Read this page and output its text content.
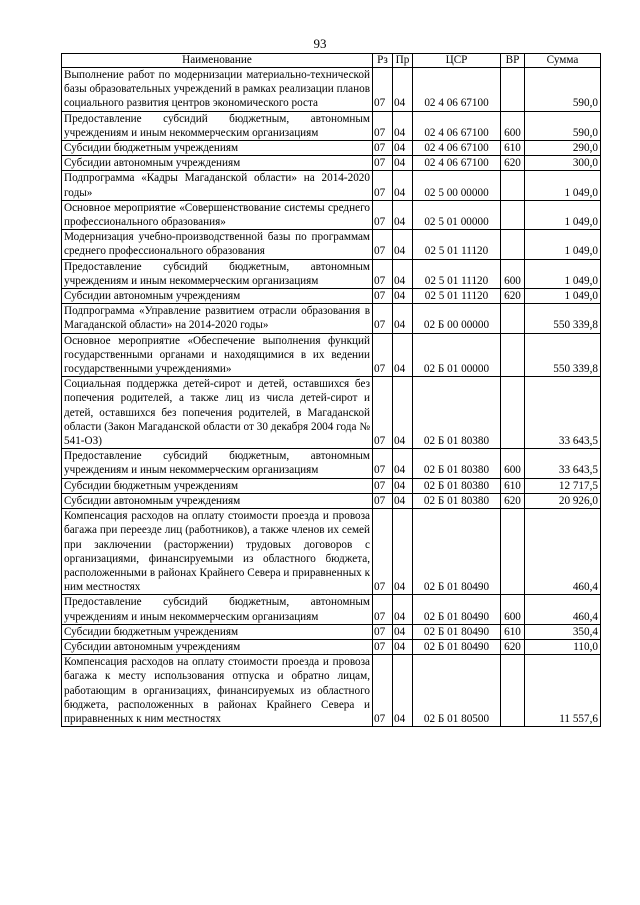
93
Наименование	Рз	Пр	ЦСР	ВР	Сумма
Выполнение работ по модернизации материально-технической базы образовательных учреждений в рамках реализации планов социального развития центров экономического роста	07	04	02 4 06 67100		590,0
Предоставление субсидий бюджетным, автономным учреждениям и иным некоммерческим организациям	07	04	02 4 06 67100	600	590,0
Субсидии бюджетным учреждениям	07	04	02 4 06 67100	610	290,0
Субсидии автономным учреждениям	07	04	02 4 06 67100	620	300,0
Подпрограмма «Кадры Магаданской области» на 2014-2020 годы»	07	04	02 5 00 00000		1 049,0
Основное мероприятие «Совершенствование системы среднего профессионального образования»	07	04	02 5 01 00000		1 049,0
Модернизация учебно-производственной базы по программам среднего профессионального образования	07	04	02 5 01 11120		1 049,0
Предоставление субсидий бюджетным, автономным учреждениям и иным некоммерческим организациям	07	04	02 5 01 11120	600	1 049,0
Субсидии автономным учреждениям	07	04	02 5 01 11120	620	1 049,0
Подпрограмма «Управление развитием отрасли образования в Магаданской области» на 2014-2020 годы»	07	04	02 Б 00 00000		550 339,8
Основное мероприятие «Обеспечение выполнения функций государственными органами и находящимися в их ведении государственными учреждениями»	07	04	02 Б 01 00000		550 339,8
Социальная поддержка детей-сирот и детей, оставшихся без попечения родителей, а также лиц из числа детей-сирот и детей, оставшихся без попечения родителей, в Магаданской области (Закон Магаданской области от 30 декабря 2004 года № 541-ОЗ)	07	04	02 Б 01 80380		33 643,5
Предоставление субсидий бюджетным, автономным учреждениям и иным некоммерческим организациям	07	04	02 Б 01 80380	600	33 643,5
Субсидии бюджетным учреждениям	07	04	02 Б 01 80380	610	12 717,5
Субсидии автономным учреждениям	07	04	02 Б 01 80380	620	20 926,0
Компенсация расходов на оплату стоимости проезда и провоза багажа при переезде лиц (работников), а также членов их семей при заключении (расторжении) трудовых договоров с организациями, финансируемыми из областного бюджета, расположенными в районах Крайнего Севера и приравненных к ним местностях	07	04	02 Б 01 80490		460,4
Предоставление субсидий бюджетным, автономным учреждениям и иным некоммерческим организациям	07	04	02 Б 01 80490	600	460,4
Субсидии бюджетным учреждениям	07	04	02 Б 01 80490	610	350,4
Субсидии автономным учреждениям	07	04	02 Б 01 80490	620	110,0
Компенсация расходов на оплату стоимости проезда и провоза багажа к месту использования отпуска и обратно лицам, работающим в организациях, финансируемых из областного бюджета, расположенных в районах Крайнего Севера и приравненных к ним местностях	07	04	02 Б 01 80500		11 557,6
